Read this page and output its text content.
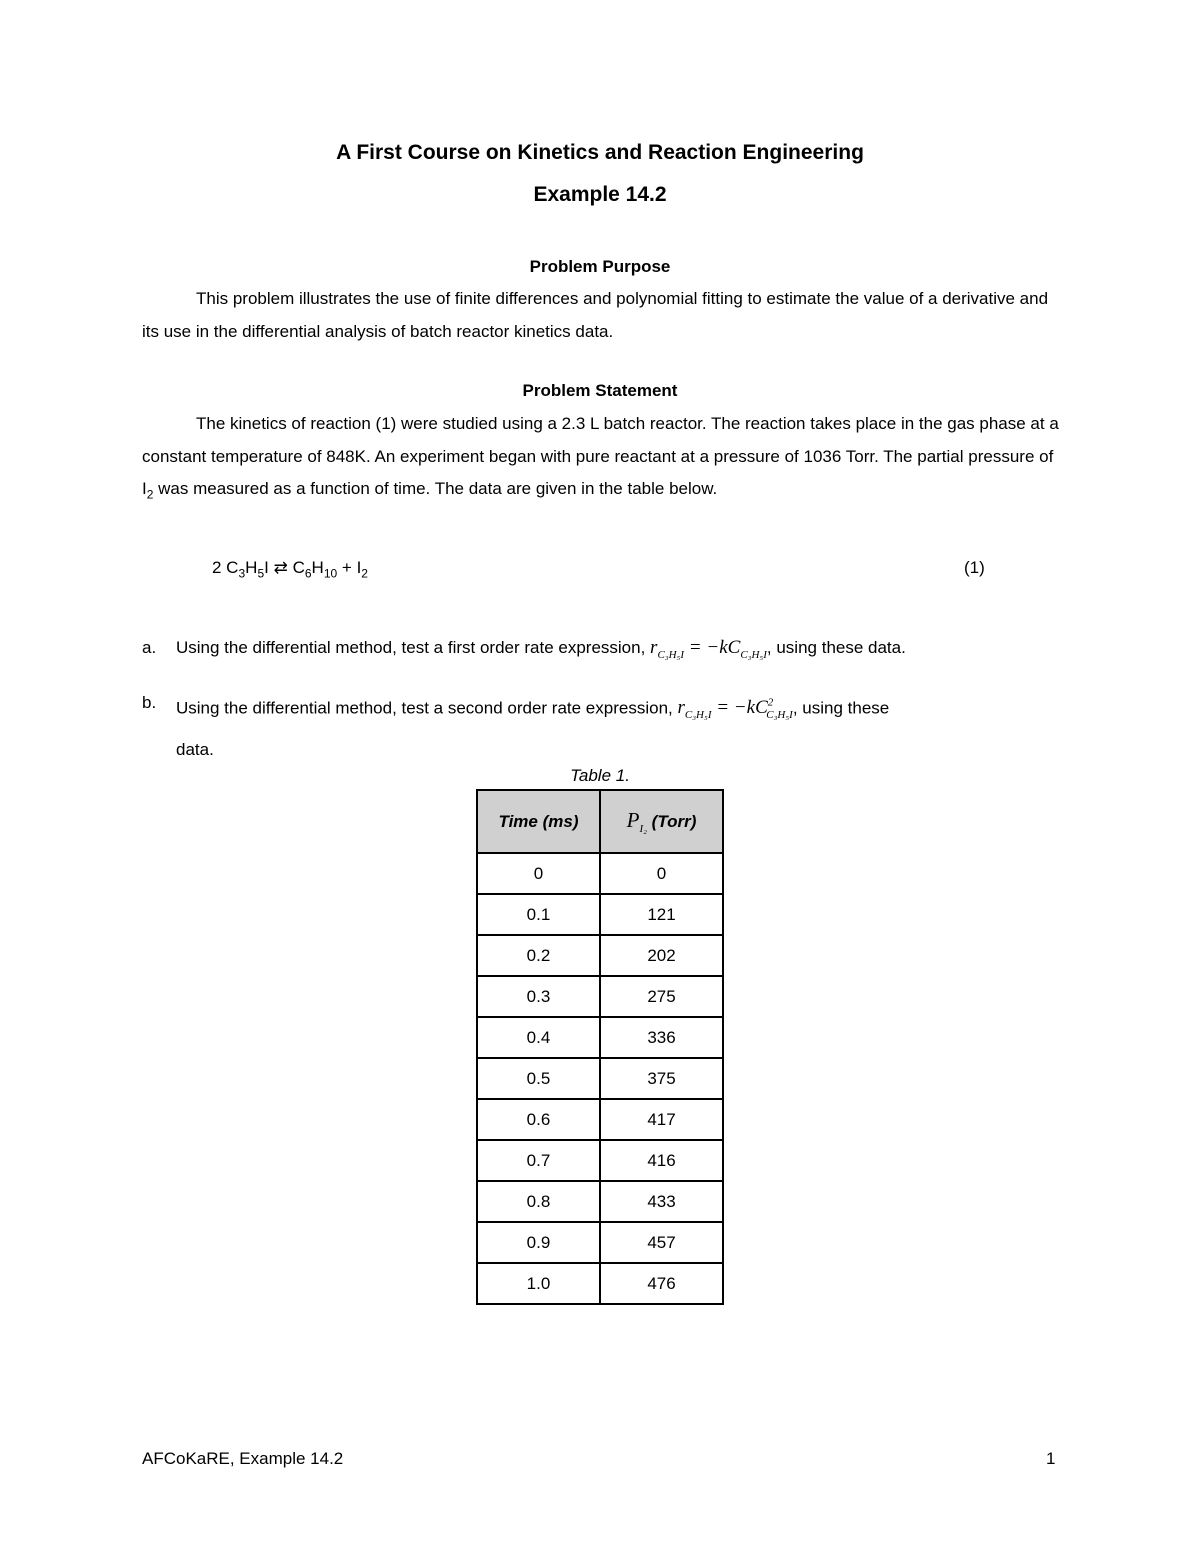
A First Course on Kinetics and Reaction Engineering
Example 14.2
Problem Purpose
This problem illustrates the use of finite differences and polynomial fitting to estimate the value of a derivative and its use in the differential analysis of batch reactor kinetics data.
Problem Statement
The kinetics of reaction (1) were studied using a 2.3 L batch reactor. The reaction takes place in the gas phase at a constant temperature of 848K. An experiment began with pure reactant at a pressure of 1036 Torr. The partial pressure of $I_2$ was measured as a function of time. The data are given in the table below.
2 $C_3H_5I$ ⇄ $C_6H_{10} + I_2$	(1)
a. Using the differential method, test a first order rate expression, $r_{C_3H_5I} = -kC_{C_3H_5I}$, using these data.
b. Using the differential method, test a second order rate expression, $r_{C_3H_5I} = -kC^2_{C_3H_5I}$, using these
data.
Table 1.
Time (ms)	$P_{I_2}$ (Torr)
0	0
0.1	121
0.2	202
0.3	275
0.4	336
0.5	375
0.6	417
0.7	416
0.8	433
0.9	457
1.0	476
AFCoKaRE, Example 14.2	1
